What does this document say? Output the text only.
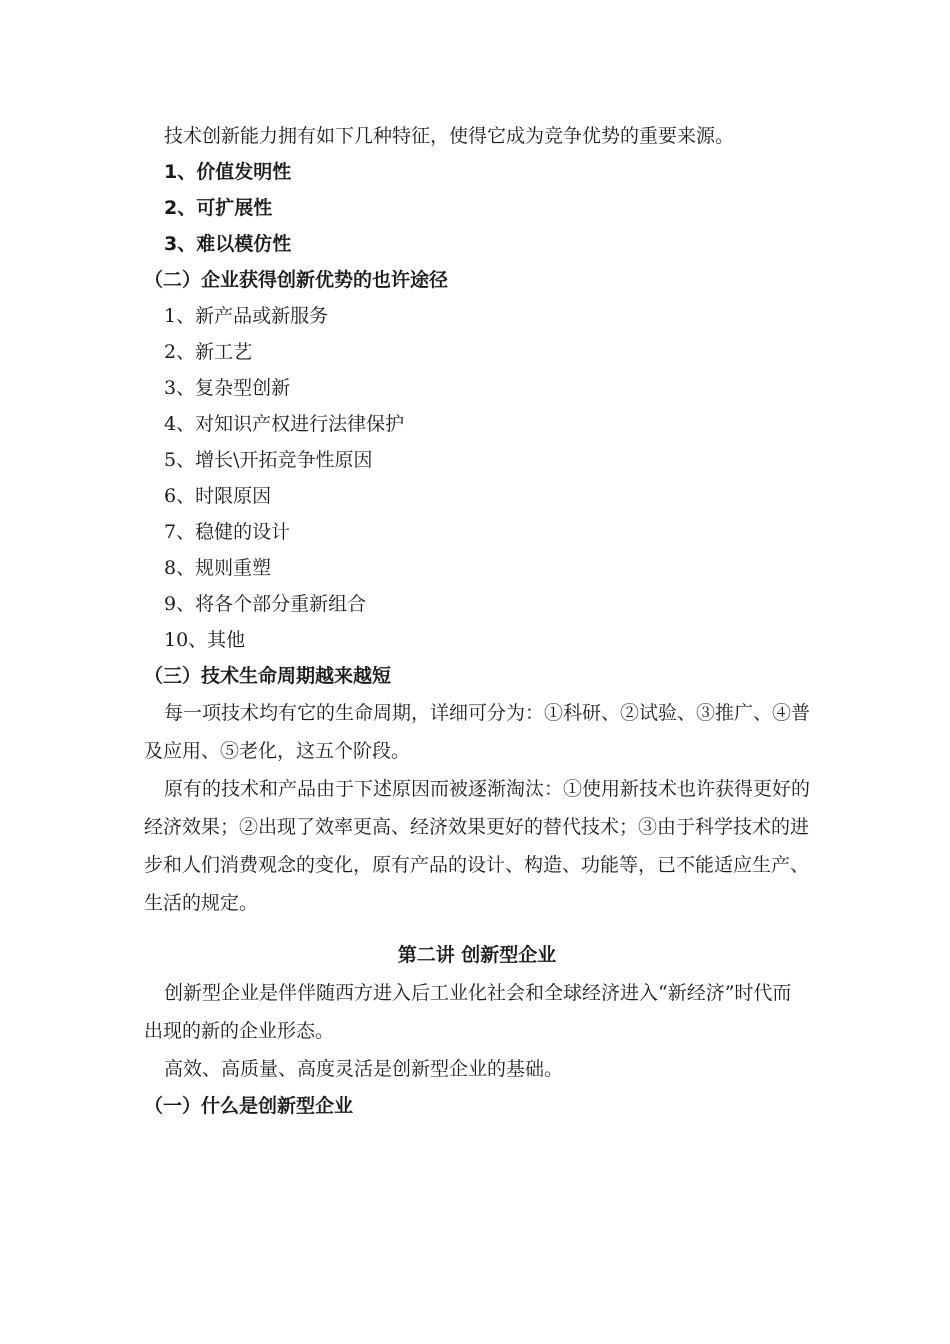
技术创新能力拥有如下几种特征，使得它成为竞争优势的重要来源。
1、价值发明性
2、可扩展性
3、难以模仿性
（二）企业获得创新优势的也许途径
1、新产品或新服务
2、新工艺
3、复杂型创新
4、对知识产权进行法律保护
5、增长\开拓竞争性原因
6、时限原因
7、稳健的设计
8、规则重塑
9、将各个部分重新组合
10、其他
（三）技术生命周期越来越短

每一项技术均有它的生命周期，详细可分为：①科研、②试验、③推广、④普及应用、⑤老化，这五个阶段。

原有的技术和产品由于下述原因而被逐渐淘汰：①使用新技术也许获得更好的经济效果；②出现了效率更高、经济效果更好的替代技术；③由于科学技术的进步和人们消费观念的变化，原有产品的设计、构造、功能等，已不能适应生产、生活的规定。

第二讲 创新型企业

创新型企业是伴伴随西方进入后工业化社会和全球经济进入“新经济”时代而出现的新的企业形态。

高效、高质量、高度灵活是创新型企业的基础。

（一）什么是创新型企业
